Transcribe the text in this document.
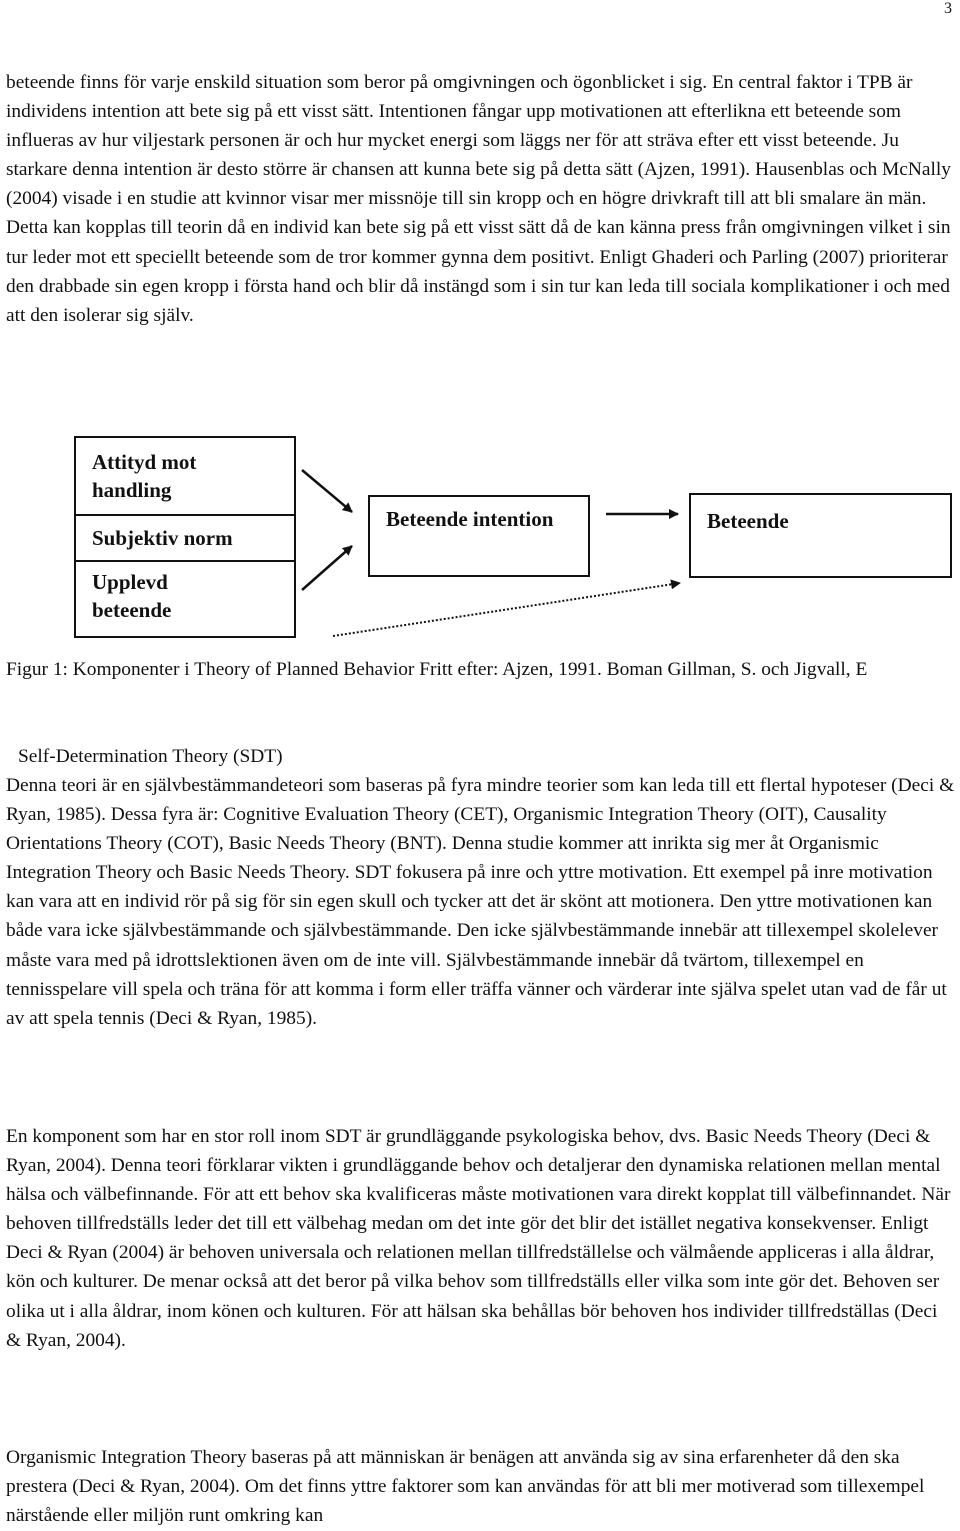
3

beteende finns för varje enskild situation som beror på omgivningen och ögonblicket i sig. En central faktor i TPB är individens intention att bete sig på ett visst sätt. Intentionen fångar upp motivationen att efterlikna ett beteende som influeras av hur viljestark personen är och hur mycket energi som läggs ner för att sträva efter ett visst beteende. Ju starkare denna intention är desto större är chansen att kunna bete sig på detta sätt (Ajzen, 1991). Hausenblas och McNally (2004) visade i en studie att kvinnor visar mer missnöje till sin kropp och en högre drivkraft till att bli smalare än män. Detta kan kopplas till teorin då en individ kan bete sig på ett visst sätt då de kan känna press från omgivningen vilket i sin tur leder mot ett speciellt beteende som de tror kommer gynna dem positivt. Enligt Ghaderi och Parling (2007) prioriterar den drabbade sin egen kropp i första hand och blir då instängd som i sin tur kan leda till sociala komplikationer i och med att den isolerar sig själv.

Attityd mot handling
Subjektiv norm
Upplevd beteende
Beteende intention	Beteende

Figur 1: Komponenter i Theory of Planned Behavior Fritt efter: Ajzen, 1991. Boman Gillman, S. och Jigvall, E

Self-Determination Theory (SDT)

Denna teori är en självbestämmandeteori som baseras på fyra mindre teorier som kan leda till ett flertal hypoteser (Deci & Ryan, 1985). Dessa fyra är: Cognitive Evaluation Theory (CET), Organismic Integration Theory (OIT), Causality Orientations Theory (COT), Basic Needs Theory (BNT). Denna studie kommer att inrikta sig mer åt Organismic Integration Theory och Basic Needs Theory. SDT fokusera på inre och yttre motivation. Ett exempel på inre motivation kan vara att en individ rör på sig för sin egen skull och tycker att det är skönt att motionera. Den yttre motivationen kan både vara icke självbestämmande och självbestämmande. Den icke självbestämmande innebär att tillexempel skolelever måste vara med på idrottslektionen även om de inte vill. Självbestämmande innebär då tvärtom, tillexempel en tennisspelare vill spela och träna för att komma i form eller träffa vänner och värderar inte själva spelet utan vad de får ut av att spela tennis (Deci & Ryan, 1985).

En komponent som har en stor roll inom SDT är grundläggande psykologiska behov, dvs. Basic Needs Theory (Deci & Ryan, 2004). Denna teori förklarar vikten i grundläggande behov och detaljerar den dynamiska relationen mellan mental hälsa och välbefinnande. För att ett behov ska kvalificeras måste motivationen vara direkt kopplat till välbefinnandet. När behoven tillfredställs leder det till ett välbehag medan om det inte gör det blir det istället negativa konsekvenser. Enligt Deci & Ryan (2004) är behoven universala och relationen mellan tillfredställelse och välmående appliceras i alla åldrar, kön och kulturer. De menar också att det beror på vilka behov som tillfredställs eller vilka som inte gör det. Behoven ser olika ut i alla åldrar, inom könen och kulturen. För att hälsan ska behållas bör behoven hos individer tillfredställas (Deci & Ryan, 2004).

Organismic Integration Theory baseras på att människan är benägen att använda sig av sina erfarenheter då den ska prestera (Deci & Ryan, 2004). Om det finns yttre faktorer som kan användas för att bli mer motiverad som tillexempel närstående eller miljön runt omkring kan
